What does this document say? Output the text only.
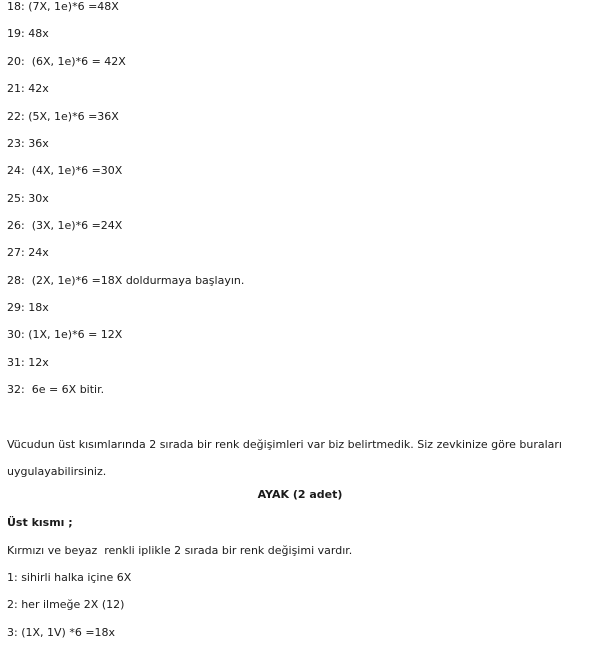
18: (7X, 1e)*6 =48X
19: 48x
20:  (6X, 1e)*6 = 42X
21: 42x
22: (5X, 1e)*6 =36X
23: 36x
24:  (4X, 1e)*6 =30X
25: 30x
26:  (3X, 1e)*6 =24X
27: 24x
28:  (2X, 1e)*6 =18X doldurmaya başlayın.
29: 18x
30: (1X, 1e)*6 = 12X
31: 12x
32:  6e = 6X bitir.
Vücudun üst kısımlarında 2 sırada bir renk değişimleri var biz belirtmedik. Siz zevkinize göre buraları uygulayabilirsiniz.
AYAK (2 adet)
Üst kısmı ;
Kırmızı ve beyaz  renkli iplikle 2 sırada bir renk değişimi vardır.
1: sihirli halka içine 6X
2: her ilmeğe 2X (12)
3: (1X, 1V) *6 =18x
